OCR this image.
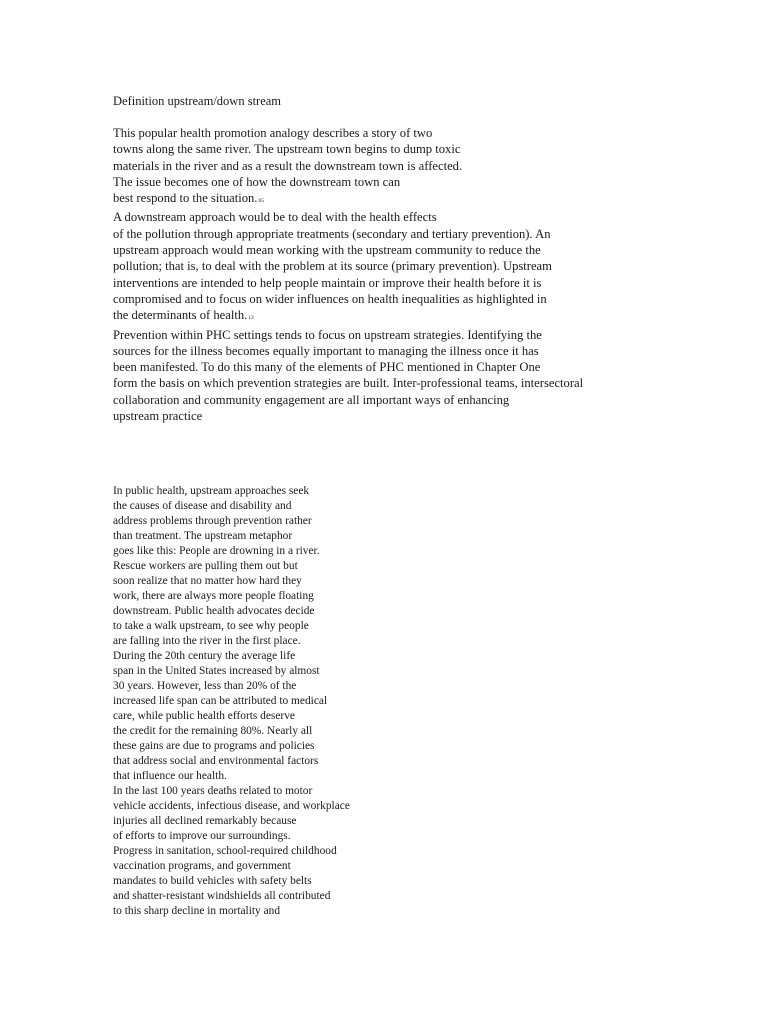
Definition upstream/down stream
This popular health promotion analogy describes a story of two
towns along the same river. The upstream town begins to dump toxic
materials in the river and as a result the downstream town is affected.
The issue becomes one of how the downstream town can
best respond to the situation.$^{65}$
A downstream approach would be to deal with the health effects
of the pollution through appropriate treatments (secondary and tertiary prevention). An
upstream approach would mean working with the upstream community to reduce the
pollution; that is, to deal with the problem at its source (primary prevention). Upstream
interventions are intended to help people maintain or improve their health before it is
compromised and to focus on wider influences on health inequalities as highlighted in
the determinants of health.$^{12}$
Prevention within PHC settings tends to focus on upstream strategies. Identifying the
sources for the illness becomes equally important to managing the illness once it has
been manifested. To do this many of the elements of PHC mentioned in Chapter One
form the basis on which prevention strategies are built. Inter-professional teams, intersectoral
collaboration and community engagement are all important ways of enhancing
upstream practice
In public health, upstream approaches seek
the causes of disease and disability and
address problems through prevention rather
than treatment. The upstream metaphor
goes like this: People are drowning in a river.
Rescue workers are pulling them out but
soon realize that no matter how hard they
work, there are always more people floating
downstream. Public health advocates decide
to take a walk upstream, to see why people
are falling into the river in the first place.
During the 20th century the average life
span in the United States increased by almost
30 years. However, less than 20% of the
increased life span can be attributed to medical
care, while public health efforts deserve
the credit for the remaining 80%. Nearly all
these gains are due to programs and policies
that address social and environmental factors
that influence our health.
In the last 100 years deaths related to motor
vehicle accidents, infectious disease, and workplace
injuries all declined remarkably because
of efforts to improve our surroundings.
Progress in sanitation, school-required childhood
vaccination programs, and government
mandates to build vehicles with safety belts
and shatter-resistant windshields all contributed
to this sharp decline in mortality and
